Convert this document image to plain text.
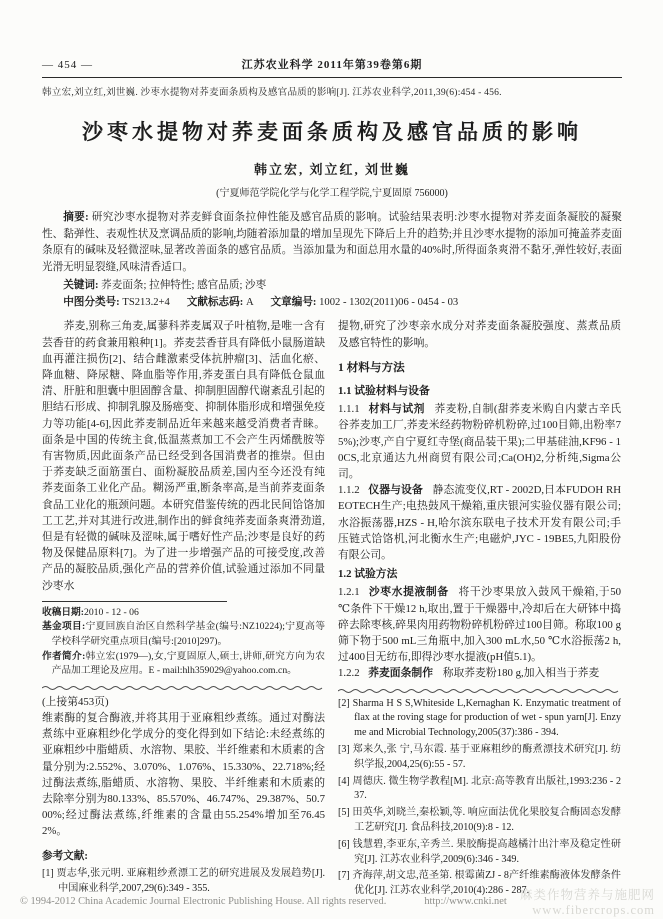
— 454 —	江苏农业科学 2011年第39卷第6期
韩立宏,刘立红,刘世巍. 沙枣水提物对荞麦面条质构及感官品质的影响[J]. 江苏农业科学,2011,39(6):454 - 456.
沙枣水提物对荞麦面条质构及感官品质的影响
韩立宏, 刘立红, 刘世巍
(宁夏师范学院化学与化学工程学院,宁夏固原 756000)

摘要: 研究沙枣水提物对荞麦鲜食面条拉伸性能及感官品质的影响。试验结果表明:沙枣水提物对荞麦面条凝胶的凝聚性、黏弹性、表观性状及烹调品质的影响,均随着添加量的增加呈现先下降后上升的趋势;并且沙枣水提物的添加可掩盖荞麦面条原有的碱味及轻微涩味,显著改善面条的感官品质。当添加量为和面总用水量的40%时,所得面条爽滑不黏牙,弹性较好,表面光滑无明显裂缝,风味清香适口。

关键词: 荞麦面条; 拉伸特性; 感官品质; 沙枣

中图分类号: TS213.2+4 文献标志码: A 文章编号: 1002 - 1302(2011)06 - 0454 - 03

荞麦,别称三角麦,属蓼科荞麦属双子叶植物,是唯一含有芸香苷的药食兼用粮种[1]。荞麦芸香苷具有降低小鼠肠道缺血再灌注损伤[2]、结合雌激素受体抗肿瘤[3]、活血化瘀、降血糖、降尿糖、降血脂等作用,荞麦蛋白具有降低仓鼠血清、肝脏和胆囊中胆固醇含量、抑制胆固醇代谢紊乱引起的胆结石形成、抑制乳腺及肠癌变、抑制体脂形成和增强免疫力等功能[4-6],因此荞麦制品近年来越来越受消费者青睐。面条是中国的传统主食,低温蒸煮加工不会产生丙烯酰胺等有害物质,因此面条产品已经受到各国消费者的推崇。但由于荞麦缺乏面筋蛋白、面粉凝胶品质差,国内至今还没有纯荞麦面条工业化产品。糊汤严重,断条率高,是当前荞麦面条食品工业化的瓶颈问题。本研究借鉴传统的西北民间饸饹加工工艺,并对其进行改进,制作出的鲜食纯荞麦面条爽滑劲道,但是有轻微的碱味及涩味,属于嗜好性产品;沙枣是良好的药物及保健品原料[7]。为了进一步增强产品的可接受度,改善产品的凝胶品质,强化产品的营养价值,试验通过添加不同量沙枣水

收稿日期:2010 - 12 - 06
基金项目:宁夏回族自治区自然科学基金(编号:NZ10224);宁夏高等学校科学研究重点项目(编号:[2010]297)。
作者简介:韩立宏(1979—),女,宁夏固原人,硕士,讲师,研究方向为农产品加工理论及应用。E - mail:hlh359029@yahoo.com.cn。
(上接第453页)

维素酶的复合酶液,并将其用于亚麻粗纱煮练。通过对酶法煮练中亚麻粗纱化学成分的变化得到如下结论:未经煮练的亚麻粗纱中脂蜡质、水溶物、果胶、半纤维素和木质素的含量分别为:2.552%、3.070%、1.076%、15.330%、22.718%;经过酶法煮练,脂蜡质、水溶物、果胶、半纤维素和木质素的去除率分别为80.133%、85.570%、46.747%、29.387%、50.700%;经过酶法煮练,纤维素的含量由55.254%增加至76.452%。

参考文献:
[1] 贾志华,张元明. 亚麻粗纱煮漂工艺的研究进展及发展趋势[J]. 中国麻业科学,2007,29(6):349 - 355.

提物,研究了沙枣亲水成分对荞麦面条凝胶强度、蒸煮品质及感官特性的影响。

1 材料与方法
1.1 试验材料与设备

1.1.1 材料与试剂 荞麦粉,自制(甜荞麦米购自内蒙古辛氏谷荞麦加工厂,荞麦米经药物粉碎机粉碎,过100目筛,出粉率75%);沙枣,产自宁夏红寺堡(商品装干果);二甲基硅油,KF96 - 10CS,北京通达九州商贸有限公司;Ca(OH)2,分析纯,Sigma公司。

1.1.2 仪器与设备 静态流变仪,RT - 2002D,日本FUDOH RHEOTECH生产;电热鼓风干燥箱,重庆银河实验仪器有限公司;水浴振荡器,HZS - H,哈尔滨东联电子技术开发有限公司;手压链式饸饹机,河北衡水生产;电磁炉,JYC - 19BE5,九阳股份有限公司。

1.2 试验方法

1.2.1 沙枣水提液制备 将干沙枣果放入鼓风干燥箱,于50 ℃条件下干燥12 h,取出,置于干燥器中,冷却后在大研钵中捣碎去除枣核,碎果肉用药物粉碎机粉碎过100目筛。称取100 g筛下物于500 mL三角瓶中,加入300 mL水,50 ℃水浴振荡2 h,过400目无纺布,即得沙枣水提液(pH值5.1)。

1.2.2 荞麦面条制作 称取荞麦粉180 g,加入相当于荞麦

[2] Sharma H S S,Whiteside L,Kernaghan K. Enzymatic treatment of flax at the roving stage for production of wet - spun yarn[J]. Enzyme and Microbial Technology,2005(37):386 - 394.
[3] 郑来久,张 宁,马东霞. 基于亚麻粗纱的酶煮漂技术研究[J]. 纺织学报,2004,25(6):55 - 57.
[4] 周德庆. 微生物学教程[M]. 北京:高等教育出版社,1993:236 - 237.
[5] 田英华,刘晓兰,秦松颖,等. 响应面法优化果胶复合酶固态发酵工艺研究[J]. 食品科技,2010(9):8 - 12.
[6] 钱慧碧,李亚东,辛秀兰. 果胶酶提高越橘汁出汁率及稳定性研究[J]. 江苏农业科学,2009(6):346 - 349.
[7] 齐海萍,胡文忠,范圣第. 根霉菌ZJ - 8产纤维素酶液体发酵条件优化[J]. 江苏农业科学,2010(4):286 - 287.
© 1994-2012 China Academic Journal Electronic Publishing House. All rights reserved.	http://www.cnki.net	麻类作物营养与施肥网
www.fibercrops.com
